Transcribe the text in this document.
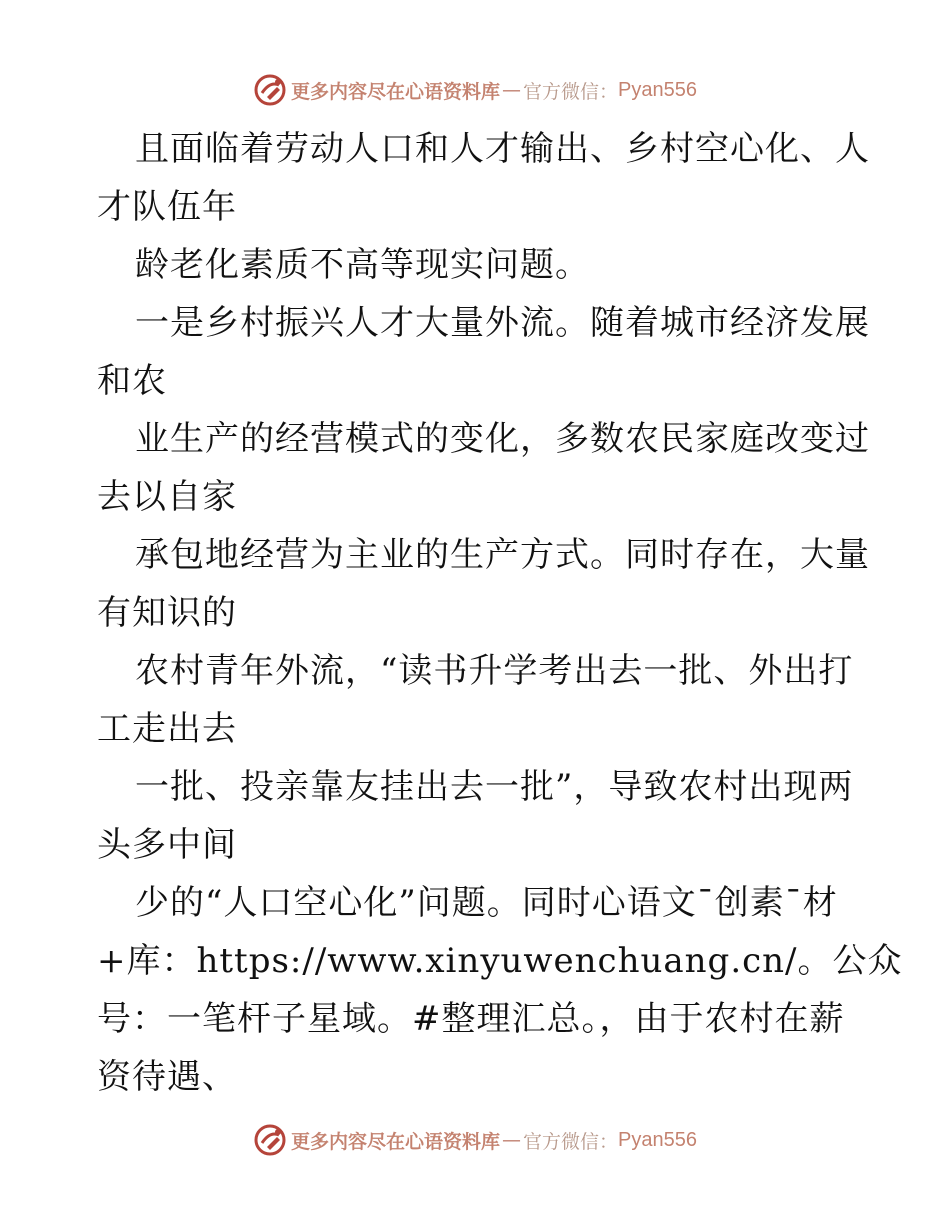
更多内容尽在心语资料库 — 官方微信： Pyan556
且面临着劳动人口和人才输出、乡村空心化、人
才队伍年
龄老化素质不高等现实问题。
一是乡村振兴人才大量外流。随着城市经济发展
和农
业生产的经营模式的变化，多数农民家庭改变过
去以自家
承包地经营为主业的生产方式。同时存在，大量
有知识的
农村青年外流，“读书升学考出去一批、外出打
工走出去
一批、投亲靠友挂出去一批”，导致农村出现两
头多中间
少的“人口空心化”问题。同时心语文¯创素¯材
+库：https://www.xinyuwenchuang.cn/。公众
号：一笔杆子星域。#整理汇总。，由于农村在薪
资待遇、
更多内容尽在心语资料库 — 官方微信： Pyan556
